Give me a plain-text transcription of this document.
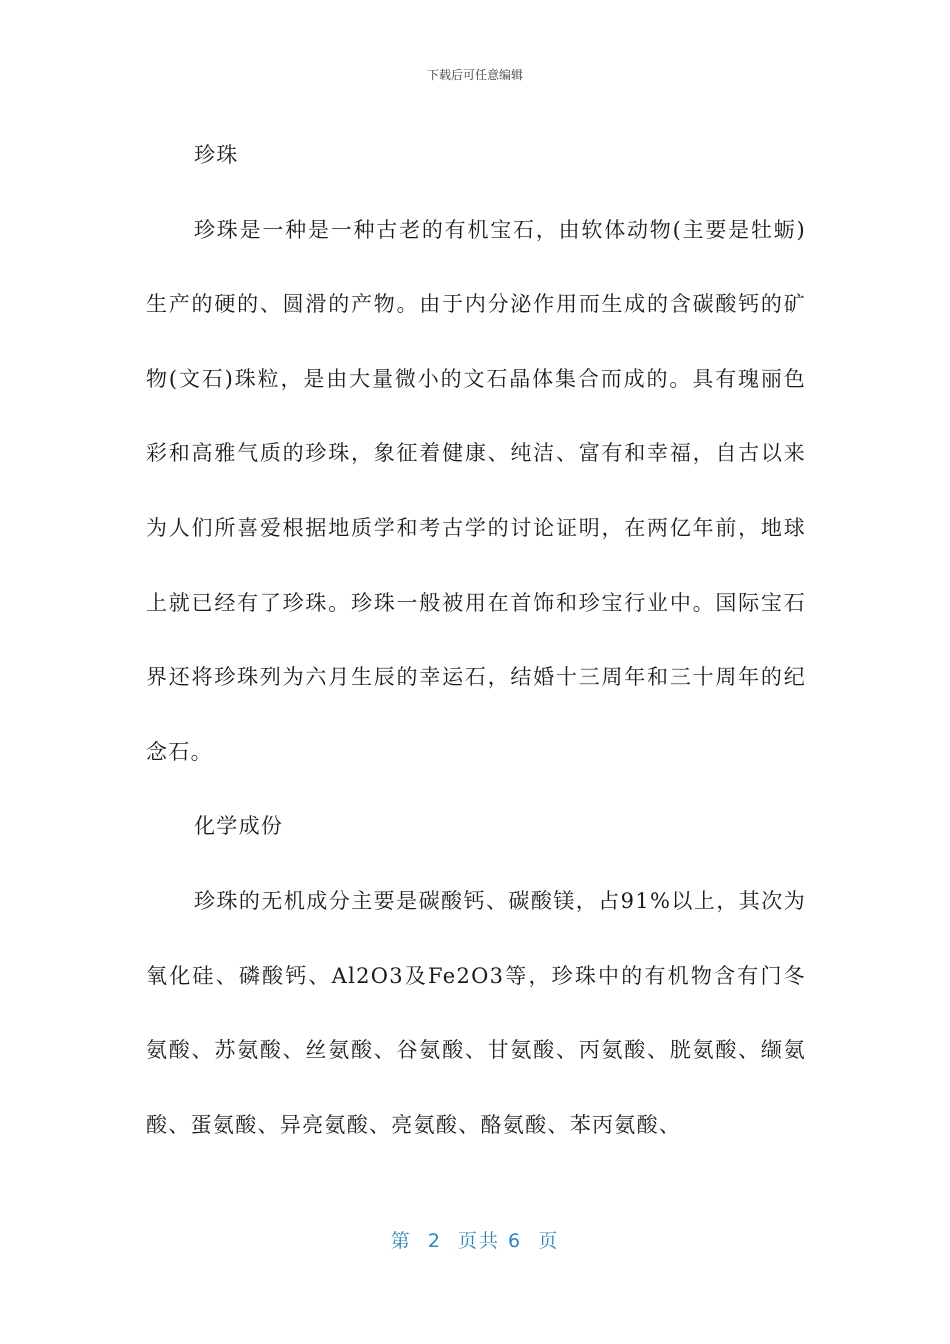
下载后可任意编辑

珍珠

珍珠是一种是一种古老的有机宝石，由软体动物(主要是牡蛎)生产的硬的、圆滑的产物。由于内分泌作用而生成的含碳酸钙的矿物(文石)珠粒，是由大量微小的文石晶体集合而成的。具有瑰丽色彩和高雅气质的珍珠，象征着健康、纯洁、富有和幸福，自古以来为人们所喜爱根据地质学和考古学的讨论证明，在两亿年前，地球上就已经有了珍珠。珍珠一般被用在首饰和珍宝行业中。国际宝石界还将珍珠列为六月生辰的幸运石，结婚十三周年和三十周年的纪念石。

化学成份

珍珠的无机成分主要是碳酸钙、碳酸镁，占91%以上，其次为氧化硅、磷酸钙、Al2O3及Fe2O3等，珍珠中的有机物含有门冬氨酸、苏氨酸、丝氨酸、谷氨酸、甘氨酸、丙氨酸、胱氨酸、缬氨酸、蛋氨酸、异亮氨酸、亮氨酸、酪氨酸、苯丙氨酸、

第  2  页共 6  页
